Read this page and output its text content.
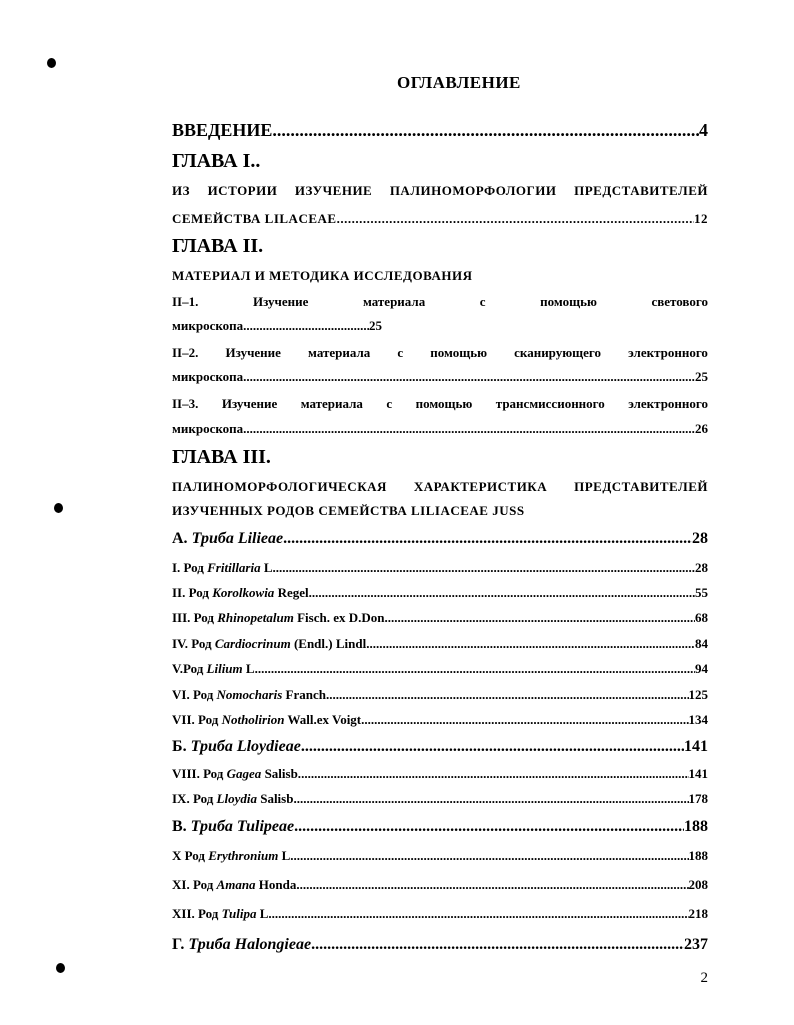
ОГЛАВЛЕНИЕ
ВВЕДЕНИЕ .....	4
ГЛАВА I..
ИЗ ИСТОРИИ ИЗУЧЕНИЕ ПАЛИНОМОРФОЛОГИИ ПРЕДСТАВИТЕЛЕЙ
СЕМЕЙСТВА LILACEAE .....	12
ГЛАВА II.
МАТЕРИАЛ И МЕТОДИКА ИССЛЕДОВАНИЯ
II–1.	Изучение	материала	с	помощью	светового
микроскопа .....	25
II–2. Изучение материала с помощью сканирующего электронного
микроскопа .....	25
II–3. Изучение материала с помощью трансмиссионного электронного
микроскопа .....	26
ГЛАВА III.
ПАЛИНОМОРФОЛОГИЧЕСКАЯ ХАРАКТЕРИСТИКА ПРЕДСТАВИТЕЛЕЙ
ИЗУЧЕННЫХ РОДОВ СЕМЕЙСТВА LILIACEAE JUSS
А. Триба Lilieae .....	28
I. Род Fritillaria L. .....	28
II. Род Korolkowia Regel .....	55
III. Род Rhinopetalum Fisch. ex D.Don .....	68
IV. Род Cardiocrinum (Endl.) Lindl .....	84
V.Род Lilium L. .....	94
VI. Род Nomocharis Franch .....	125
VII. Род Notholirion Wall.ex Voigt .....	134
Б. Триба Lloydieae .....	141
VIII. Род Gagea Salisb. .....	141
IX. Род Lloydia Salisb .....	178
В. Триба Tulipeae .....	188
X Род Erythronium L. .....	188
XI. Род Amana Honda .....	208
XII. Род Tulipa L. .....	218
Г. Триба Halongieae .....	237
2
